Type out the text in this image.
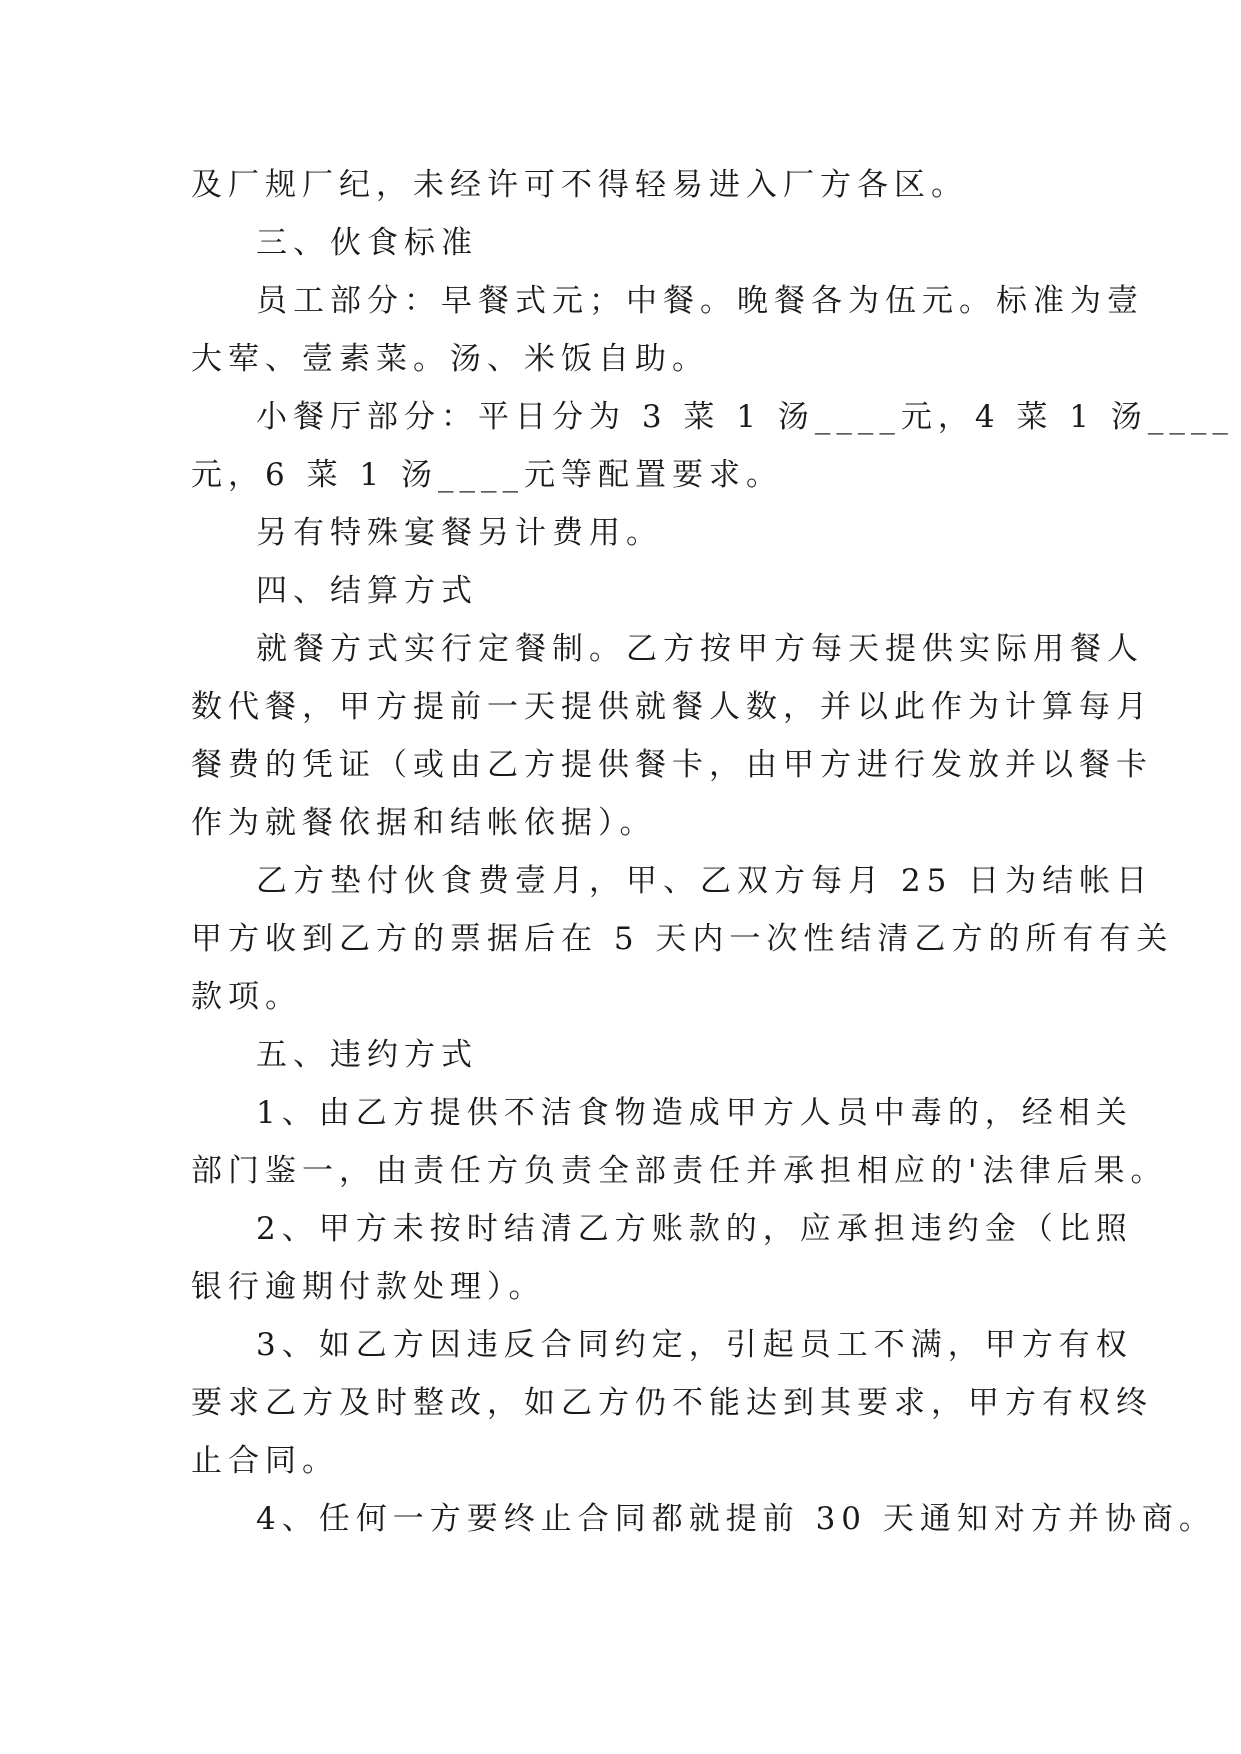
及厂规厂纪，未经许可不得轻易进入厂方各区。
三、伙食标准
员工部分：早餐式元；中餐。晚餐各为伍元。标准为壹
大荤、壹素菜。汤、米饭自助。
小餐厅部分：平日分为 3 菜 1 汤____元，4 菜 1 汤____
元，6 菜 1 汤____元等配置要求。
另有特殊宴餐另计费用。
四、结算方式
就餐方式实行定餐制。乙方按甲方每天提供实际用餐人
数代餐，甲方提前一天提供就餐人数，并以此作为计算每月
餐费的凭证（或由乙方提供餐卡，由甲方进行发放并以餐卡
作为就餐依据和结帐依据）。
乙方垫付伙食费壹月，甲、乙双方每月 25 日为结帐日
甲方收到乙方的票据后在 5 天内一次性结清乙方的所有有关
款项。
五、违约方式
1、由乙方提供不洁食物造成甲方人员中毒的，经相关
部门鉴一，由责任方负责全部责任并承担相应的'法律后果。
2、甲方未按时结清乙方账款的，应承担违约金（比照
银行逾期付款处理）。
3、如乙方因违反合同约定，引起员工不满，甲方有权
要求乙方及时整改，如乙方仍不能达到其要求，甲方有权终
止合同。
4、任何一方要终止合同都就提前 30 天通知对方并协商。
